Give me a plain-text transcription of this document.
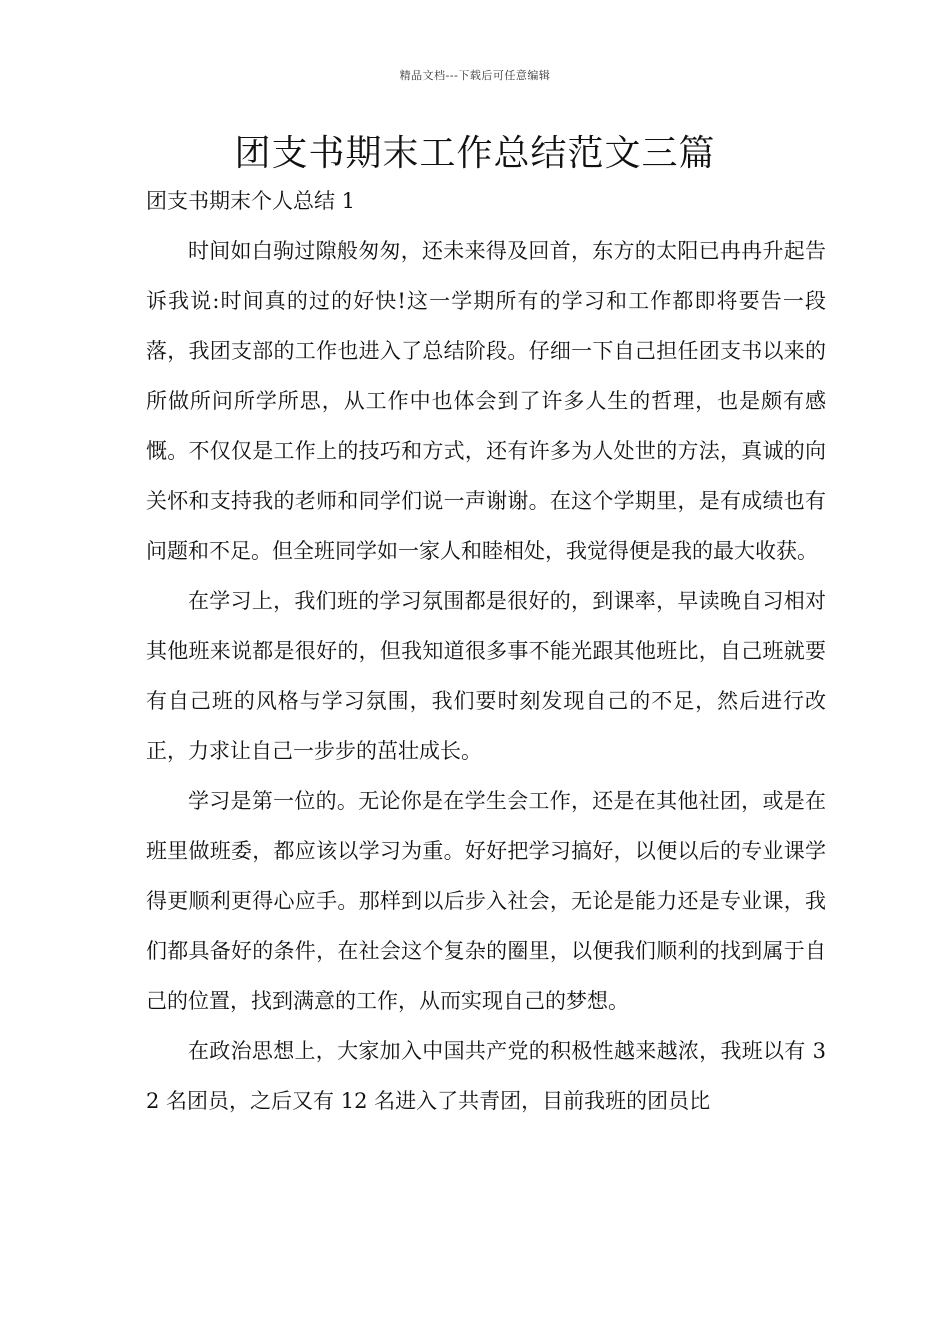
精品文档---下载后可任意编辑
团支书期末工作总结范文三篇

团支书期末个人总结 1

时间如白驹过隙般匆匆，还未来得及回首，东方的太阳已冉冉升起告诉我说:时间真的过的好快!这一学期所有的学习和工作都即将要告一段落，我团支部的工作也进入了总结阶段。仔细一下自己担任团支书以来的所做所问所学所思，从工作中也体会到了许多人生的哲理，也是颇有感慨。不仅仅是工作上的技巧和方式，还有许多为人处世的方法，真诚的向关怀和支持我的老师和同学们说一声谢谢。在这个学期里，是有成绩也有问题和不足。但全班同学如一家人和睦相处，我觉得便是我的最大收获。

在学习上，我们班的学习氛围都是很好的，到课率，早读晚自习相对其他班来说都是很好的，但我知道很多事不能光跟其他班比，自己班就要有自己班的风格与学习氛围，我们要时刻发现自己的不足，然后进行改正，力求让自己一步步的茁壮成长。

学习是第一位的。无论你是在学生会工作，还是在其他社团，或是在班里做班委，都应该以学习为重。好好把学习搞好，以便以后的专业课学得更顺利更得心应手。那样到以后步入社会，无论是能力还是专业课，我们都具备好的条件，在社会这个复杂的圈里，以便我们顺利的找到属于自己的位置，找到满意的工作，从而实现自己的梦想。

在政治思想上，大家加入中国共产党的积极性越来越浓，我班以有 32 名团员，之后又有 12 名进入了共青团，目前我班的团员比
